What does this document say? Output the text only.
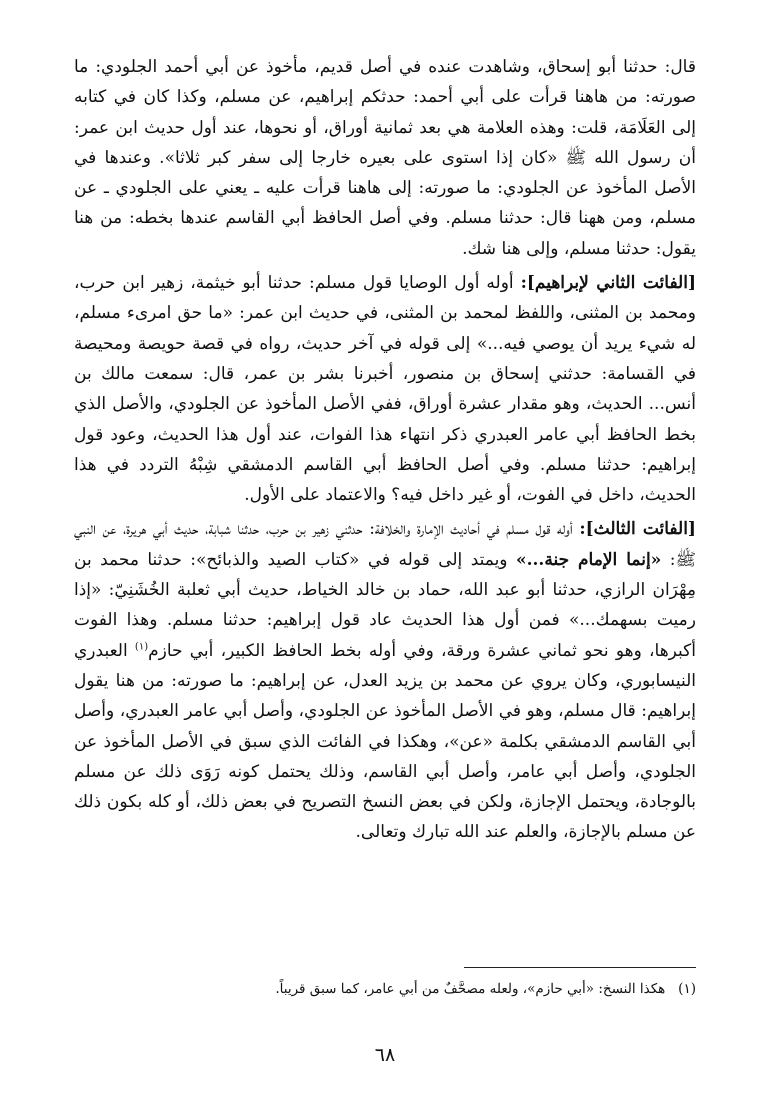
قال: حدثنا أبو إسحاق، وشاهدت عنده في أصل قديم، مأخوذ عن أبي أحمد الجلودي: ما صورته: من هاهنا قرأت على أبي أحمد: حدثكم إبراهيم، عن مسلم، وكذا كان في كتابه إلى العَلَامَة، قلت: وهذه العلامة هي بعد ثمانية أوراق، أو نحوها، عند أول حديث ابن عمر: أن رسول الله ﷺ «كان إذا استوى على بعيره خارجا إلى سفر كبر ثلاثا». وعندها في الأصل المأخوذ عن الجلودي: ما صورته: إلى هاهنا قرأت عليه ـ يعني على الجلودي ـ عن مسلم، ومن ههنا قال: حدثنا مسلم. وفي أصل الحافظ أبي القاسم عندها بخطه: من هنا يقول: حدثنا مسلم، وإلى هنا شك.

[الفائت الثاني لإبراهيم]: أوله أول الوصايا قول مسلم: حدثنا أبو خيثمة، زهير ابن حرب، ومحمد بن المثنى، واللفظ لمحمد بن المثنى، في حديث ابن عمر: «ما حق امرىء مسلم، له شيء يريد أن يوصي فيه...» إلى قوله في آخر حديث، رواه في قصة حويصة ومحيصة في القسامة: حدثني إسحاق بن منصور، أخبرنا بشر بن عمر، قال: سمعت مالك بن أنس... الحديث، وهو مقدار عشرة أوراق، ففي الأصل المأخوذ عن الجلودي، والأصل الذي بخط الحافظ أبي عامر العبدري ذكر انتهاء هذا الفوات، عند أول هذا الحديث، وعود قول إبراهيم: حدثنا مسلم. وفي أصل الحافظ أبي القاسم الدمشقي شِبْهُ التردد في هذا الحديث، داخل في الفوت، أو غير داخل فيه؟ والاعتماد على الأول.

[الفائت الثالث]: أوله قول مسلم في أحاديث الإمارة والخلافة: حدثني زهير بن حرب، حدثنا شبابة، حديث أبي هريرة، عن النبي ﷺ: «إنما الإمام جنة...» ويمتد إلى قوله في «كتاب الصيد والذبائح»: حدثنا محمد بن مِهْرَان الرازي، حدثنا أبو عبد الله، حماد بن خالد الخياط، حديث أبي ثعلبة الخُشَنِيّ: «إذا رميت بسهمك...» فمن أول هذا الحديث عاد قول إبراهيم: حدثنا مسلم. وهذا الفوت أكبرها، وهو نحو ثماني عشرة ورقة، وفي أوله بخط الحافظ الكبير، أبي حازم$^{(١)}$ العبدري النيسابوري، وكان يروي عن محمد بن يزيد العدل، عن إبراهيم: ما صورته: من هنا يقول إبراهيم: قال مسلم، وهو في الأصل المأخوذ عن الجلودي، وأصل أبي عامر العبدري، وأصل أبي القاسم الدمشقي بكلمة «عن»، وهكذا في الفائت الذي سبق في الأصل المأخوذ عن الجلودي، وأصل أبي عامر، وأصل أبي القاسم، وذلك يحتمل كونه رَوَى ذلك عن مسلم بالوجادة، ويحتمل الإجازة، ولكن في بعض النسخ التصريح في بعض ذلك، أو كله بكون ذلك عن مسلم بالإجازة، والعلم عند الله تبارك وتعالى.

(١)   هكذا النسخ: «أبي حازم»، ولعله مصحَّفٌ من أبي عامر، كما سبق قريباً.

٦٨
